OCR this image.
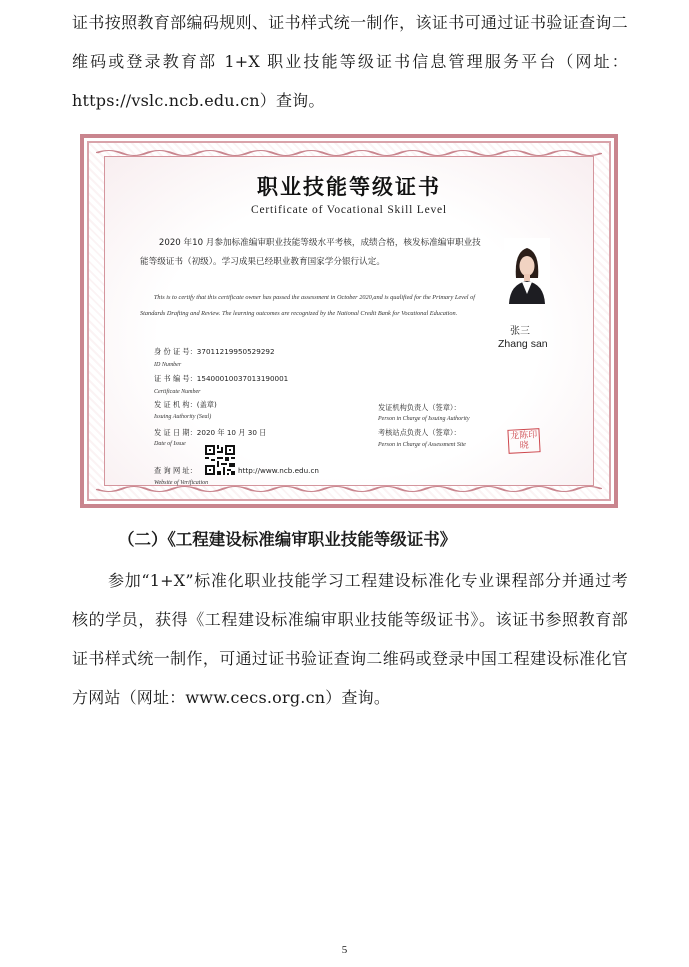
证书按照教育部编码规则、证书样式统一制作，该证书可通过证书验证查询二维码或登录教育部 1+X 职业技能等级证书信息管理服务平台（网址：https://vslc.ncb.edu.cn）查询。

职业技能等级证书
Certificate of Vocational Skill Level

2020 年10 月参加标准编审职业技能等级水平考核，成绩合格，核发标准编审职业技能等级证书（初级）。学习成果已经职业教育国家学分银行认定。

This is to certify that this certificate owner has passed the assessment in October 2020,and is qualified for the Primary Level of Standards Drafting and Review. The learning outcomes are recognized by the National Credit Bank for Vocational Education.

张三
Zhang san
身 份 证 号：370112199505292​92
ID Number
证 书 编 号：15400010037013190001
Certificate Number
发 证 机 构：(盖章)
Issuing Authority (Seal)
发 证 日 期：2020 年 10 月 30 日
Date of Issue
查 询 网 址：	http://www.ncb.edu.cn
Website of Verification
发证机构负责人（签章）：
Person in Charge of Issuing Authority
考核站点负责人（签章）：
Person in Charge of Assessment Site
龙陈印晓

（二）《工程建设标准编审职业技能等级证书》

参加“1+X”标准化职业技能学习工程建设标准化专业课程部分并通过考核的学员，获得《工程建设标准编审职业技能等级证书》。该证书参照教育部证书样式统一制作，可通过证书验证查询二维码或登录中国工程建设标准化官方网站（网址：www.cecs.org.cn）查询。

5
